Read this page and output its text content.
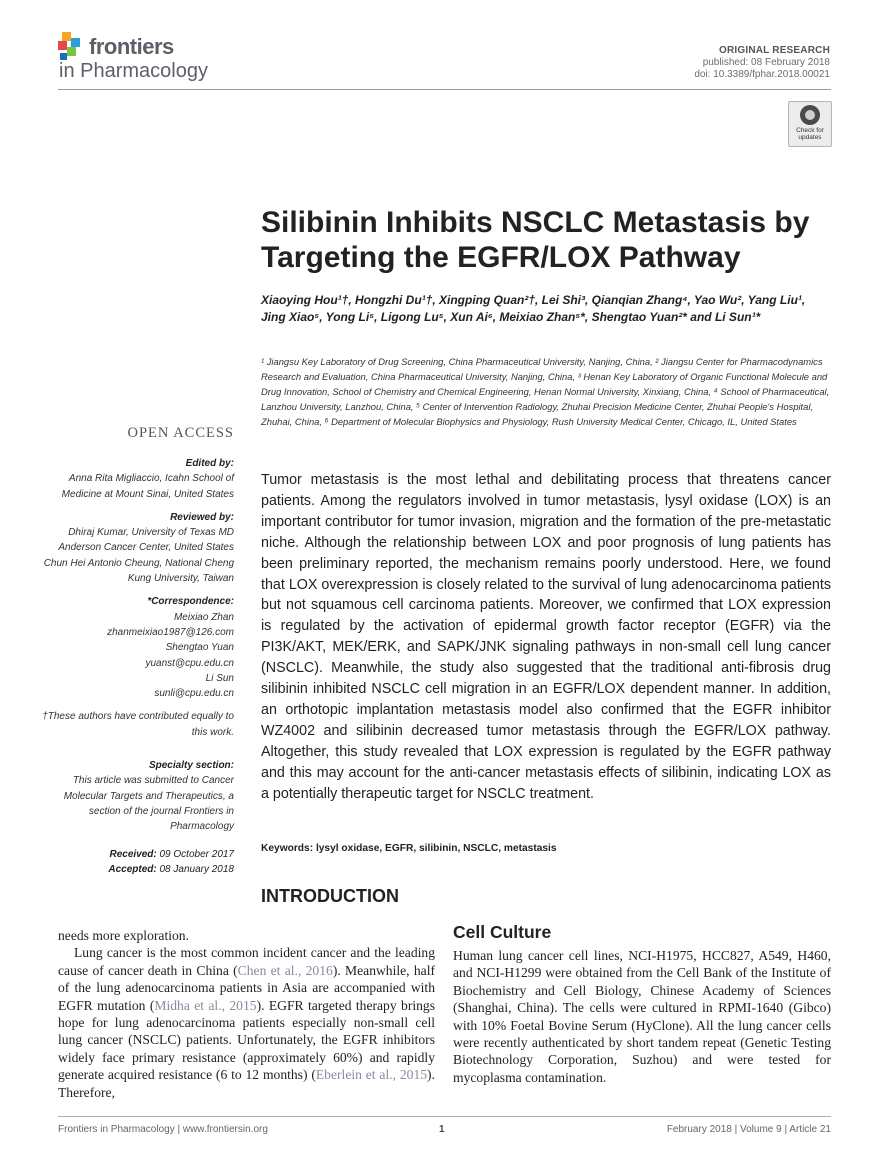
frontiers
in Pharmacology
ORIGINAL RESEARCH
published: 08 February 2018
doi: 10.3389/fphar.2018.00021
Check for updates
Silibinin Inhibits NSCLC Metastasis by Targeting the EGFR/LOX Pathway
Xiaoying Hou¹†, Hongzhi Du¹†, Xingping Quan²†, Lei Shi³, Qianqian Zhang⁴, Yao Wu², Yang Liu¹, Jing Xiao⁵, Yong Li⁵, Ligong Lu⁵, Xun Ai⁶, Meixiao Zhan⁵*, Shengtao Yuan²* and Li Sun¹*
¹ Jiangsu Key Laboratory of Drug Screening, China Pharmaceutical University, Nanjing, China, ² Jiangsu Center for Pharmacodynamics Research and Evaluation, China Pharmaceutical University, Nanjing, China, ³ Henan Key Laboratory of Organic Functional Molecule and Drug Innovation, School of Chemistry and Chemical Engineering, Henan Normal University, Xinxiang, China, ⁴ School of Pharmaceutical, Lanzhou University, Lanzhou, China, ⁵ Center of Intervention Radiology, Zhuhai Precision Medicine Center, Zhuhai People's Hospital, Zhuhai, China, ⁶ Department of Molecular Biophysics and Physiology, Rush University Medical Center, Chicago, IL, United States
OPEN ACCESS
Edited by:
Anna Rita Migliaccio, Icahn School of Medicine at Mount Sinai, United States
Reviewed by:
Dhiraj Kumar, University of Texas MD Anderson Cancer Center, United States
Chun Hei Antonio Cheung, National Cheng Kung University, Taiwan
*Correspondence:
Meixiao Zhan
zhanmeixiao1987@126.com
Shengtao Yuan
yuanst@cpu.edu.cn
Li Sun
sunli@cpu.edu.cn
†These authors have contributed equally to this work.
Specialty section:
This article was submitted to Cancer Molecular Targets and Therapeutics, a section of the journal Frontiers in Pharmacology
Received: 09 October 2017
Accepted: 08 January 2018
Tumor metastasis is the most lethal and debilitating process that threatens cancer patients. Among the regulators involved in tumor metastasis, lysyl oxidase (LOX) is an important contributor for tumor invasion, migration and the formation of the pre-metastatic niche. Although the relationship between LOX and poor prognosis of lung patients has been preliminary reported, the mechanism remains poorly understood. Here, we found that LOX overexpression is closely related to the survival of lung adenocarcinoma patients but not squamous cell carcinoma patients. Moreover, we confirmed that LOX expression is regulated by the activation of epidermal growth factor receptor (EGFR) via the PI3K/AKT, MEK/ERK, and SAPK/JNK signaling pathways in non-small cell lung cancer (NSCLC). Meanwhile, the study also suggested that the traditional anti-fibrosis drug silibinin inhibited NSCLC cell migration in an EGFR/LOX dependent manner. In addition, an orthotopic implantation metastasis model also confirmed that the EGFR inhibitor WZ4002 and silibinin decreased tumor metastasis through the EGFR/LOX pathway. Altogether, this study revealed that LOX expression is regulated by the EGFR pathway and this may account for the anti-cancer metastasis effects of silibinin, indicating LOX as a potentially therapeutic target for NSCLC treatment.
Keywords: lysyl oxidase, EGFR, silibinin, NSCLC, metastasis
INTRODUCTION

needs more exploration.

Lung cancer is the most common incident cancer and the leading cause of cancer death in China (Chen et al., 2016). Meanwhile, half of the lung adenocarcinoma patients in Asia are accompanied with EGFR mutation (Midha et al., 2015). EGFR targeted therapy brings hope for lung adenocarcinoma patients especially non-small cell lung cancer (NSCLC) patients. Unfortunately, the EGFR inhibitors widely face primary resistance (approximately 60%) and rapidly generate acquired resistance (6 to 12 months) (Eberlein et al., 2015). Therefore,

Cell Culture
Human lung cancer cell lines, NCI-H1975, HCC827, A549, H460, and NCI-H1299 were obtained from the Cell Bank of the Institute of Biochemistry and Cell Biology, Chinese Academy of Sciences (Shanghai, China). The cells were cultured in RPMI-1640 (Gibco) with 10% Foetal Bovine Serum (HyClone). All the lung cancer cells were recently authenticated by short tandem repeat (Genetic Testing Biotechnology Corporation, Suzhou) and were tested for mycoplasma contamination.
Frontiers in Pharmacology | www.frontiersin.org	1	February 2018 | Volume 9 | Article 21
